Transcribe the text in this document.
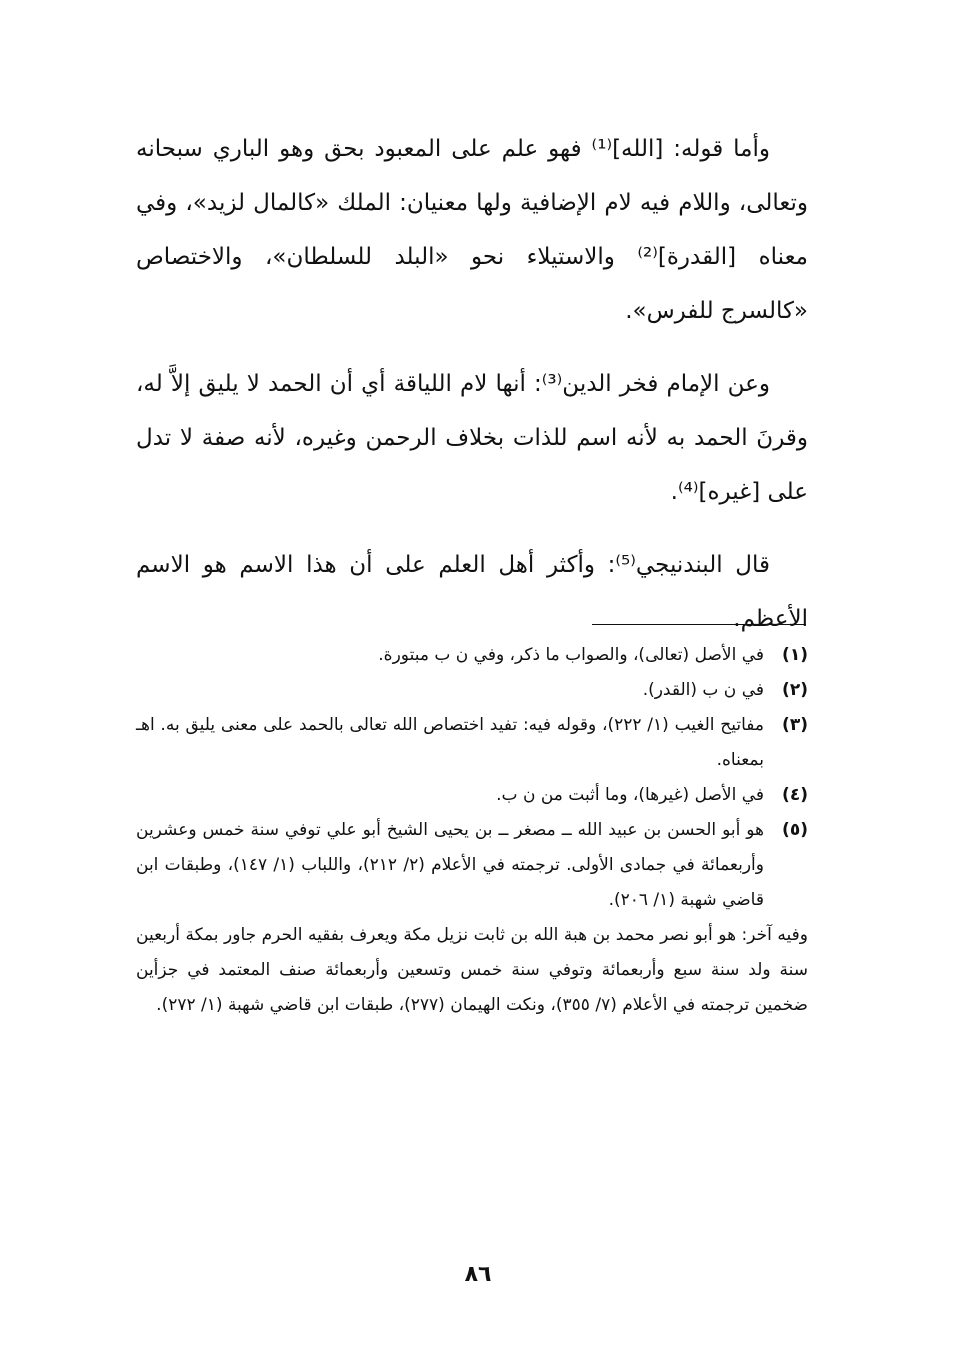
وأما قوله: [الله]⁽¹⁾ فهو علم على المعبود بحق وهو الباري سبحانه وتعالى، واللام فيه لام الإضافية ولها معنيان: الملك «كالمال لزيد»، وفي معناه [القدرة]⁽²⁾ والاستيلاء نحو «البلد للسلطان»، والاختصاص «كالسرج للفرس».

وعن الإمام فخر الدين⁽³⁾: أنها لام اللياقة أي أن الحمد لا يليق إلاَّ له، وقرنَ الحمد به لأنه اسم للذات بخلاف الرحمن وغيره، لأنه صفة لا تدل على [غيره]⁽⁴⁾.

قال البندنيجي⁽⁵⁾: وأكثر أهل العلم على أن هذا الاسم هو الاسم الأعظم.

(١)
في الأصل (تعالى)، والصواب ما ذكر، وفي ن ب مبتورة.
(٢)
في ن ب (القدر).
(٣)
مفاتيح الغيب (١/ ٢٢٢)، وقوله فيه: تفيد اختصاص الله تعالى بالحمد على معنى يليق به. اهـ بمعناه.
(٤)
في الأصل (غيرها)، وما أثبت من ن ب.
(٥)
هو أبو الحسن بن عبيد الله ــ مصغر ــ بن يحيى الشيخ أبو علي توفي سنة خمس وعشرين وأربعمائة في جمادى الأولى. ترجمته في الأعلام (٢/ ٢١٢)، واللباب (١/ ١٤٧)، وطبقات ابن قاضي شهبة (١/ ٢٠٦).

وفيه آخر: هو أبو نصر محمد بن هبة الله بن ثابت نزيل مكة ويعرف بفقيه الحرم جاور بمكة أربعين سنة ولد سنة سبع وأربعمائة وتوفي سنة خمس وتسعين وأربعمائة صنف المعتمد في جزأين ضخمين ترجمته في الأعلام (٧/ ٣٥٥)، ونكت الهيمان (٢٧٧)، طبقات ابن قاضي شهبة (١/ ٢٧٢).

٨٦
